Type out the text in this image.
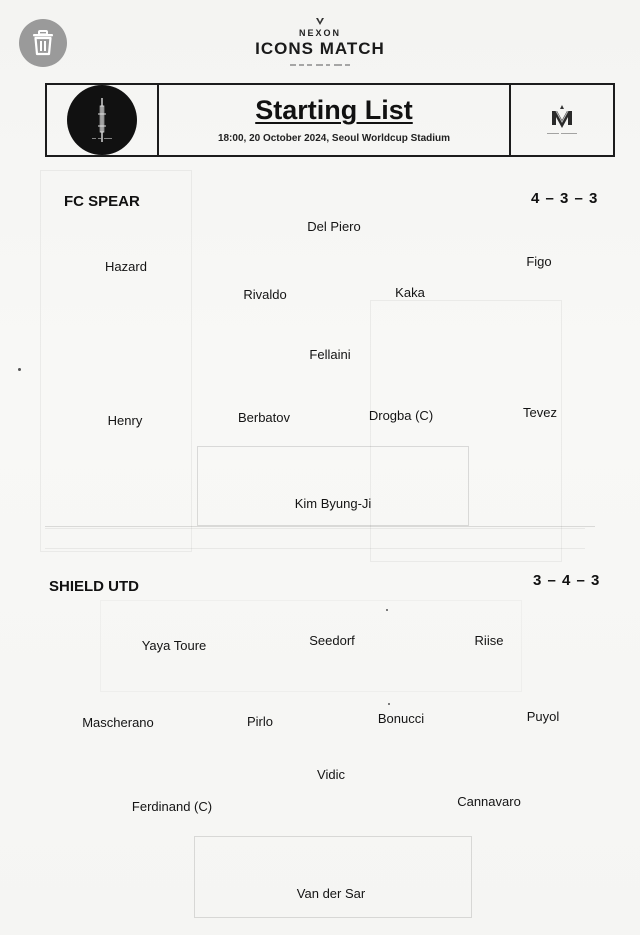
NEXON
ICONS MATCH
Starting List
18:00, 20 October 2024, Seoul Worldcup Stadium
FC SPEAR	4 – 3 – 3
Del Piero
Hazard	Figo
Rivaldo	Kaka
Fellaini
Henry	Berbatov	Drogba (C)	Tevez
Kim Byung-Ji
SHIELD UTD	3 – 4 – 3
Yaya Toure	Seedorf	Riise
Mascherano	Pirlo	Bonucci	Puyol
Vidic
Ferdinand (C)	Cannavaro
Van der Sar
